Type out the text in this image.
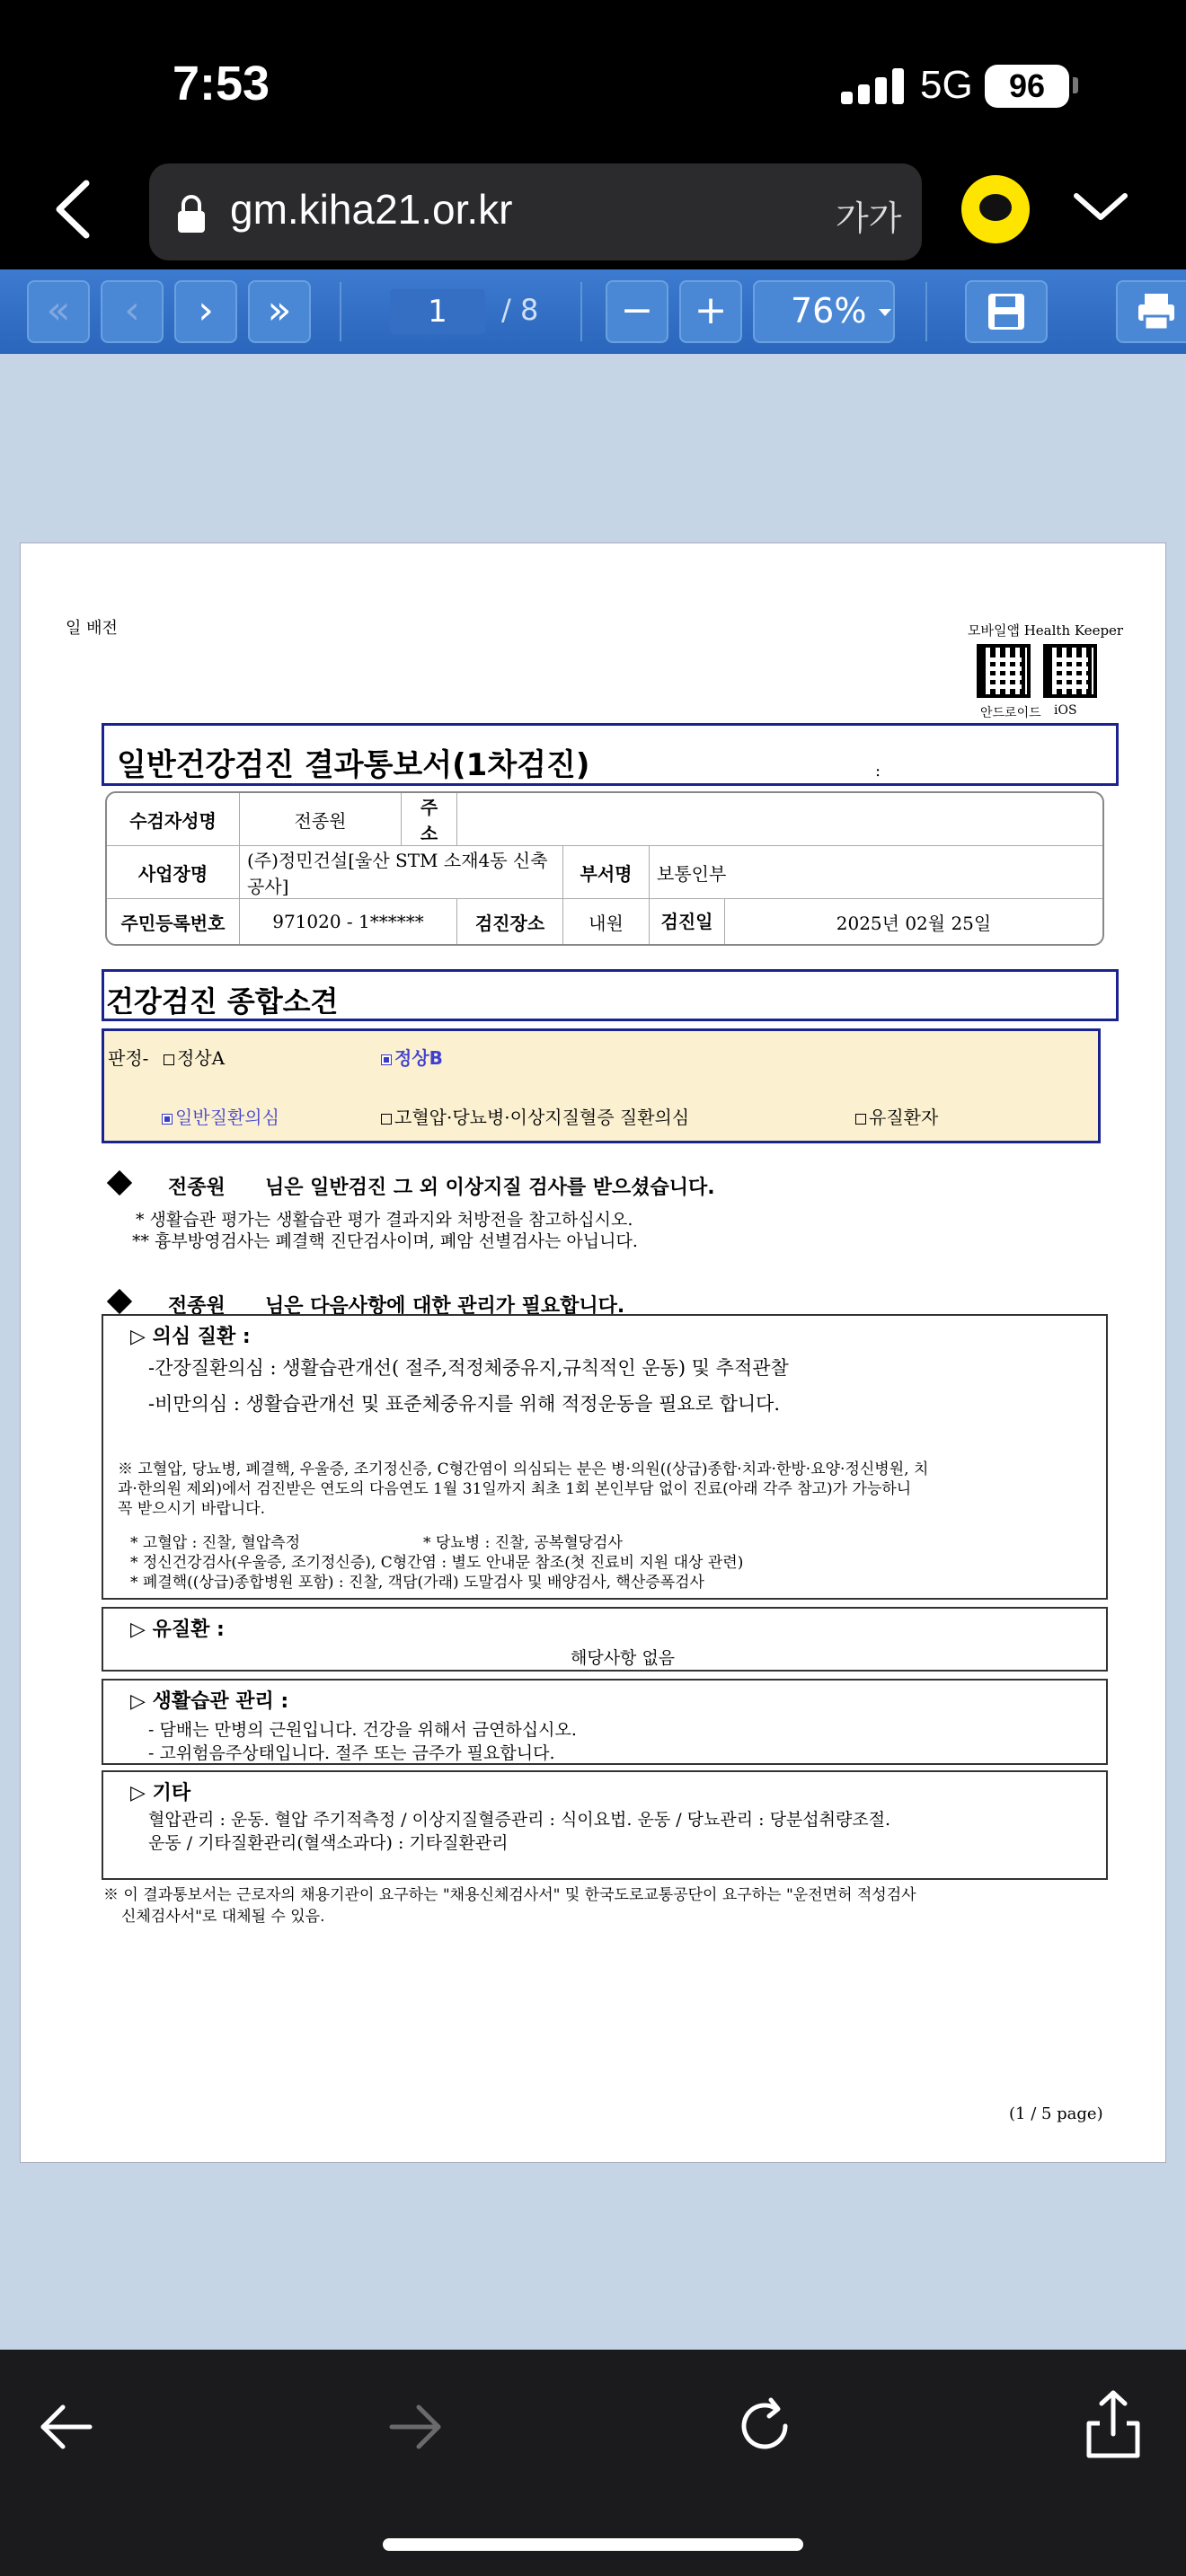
7:53	5G	96
gm.kiha21.or.kr	가가
«	‹	›	»	1	/ 8	−	+	76%
일 배전	모바일앱 Health Keeper
안드로이드 iOS
일반건강검진 결과통보서(1차검진)	:
수검자성명	전종원	주 소			
사업장명	(주)정민건설[울산 STM 소재4동 신축공사]			부서명	보통인부
주민등록번호	971020 - 1******		검진장소	내원	검진일 2025년 02월 25일
건강검진 종합소견
판정-	정상A	정상B
일반질환의심	고혈압·당뇨병·이상지질혈증 질환의심	유질환자
전종원 님은 일반검진 그 외 이상지질 검사를 받으셨습니다.
* 생활습관 평가는 생활습관 평가 결과지와 처방전을 참고하십시오.
** 흉부방영검사는 폐결핵 진단검사이며, 폐암 선별검사는 아닙니다.
전종원 님은 다음사항에 대한 관리가 필요합니다.
▷ 의심 질환 :
-간장질환의심 : 생활습관개선( 절주,적정체중유지,규칙적인 운동) 및 추적관찰
-비만의심 : 생활습관개선 및 표준체중유지를 위해 적정운동을 필요로 합니다.
※ 고혈압, 당뇨병, 폐결핵, 우울증, 조기정신증, C형간염이 의심되는 분은 병·의원((상급)종합·치과·한방·요양·정신병원, 치
과·한의원 제외)에서 검진받은 연도의 다음연도 1월 31일까지 최초 1회 본인부담 없이 진료(아래 각주 참고)가 가능하니
꼭 받으시기 바랍니다.
* 고혈압 : 진찰, 혈압측정	* 당뇨병 : 진찰, 공복혈당검사
* 정신건강검사(우울증, 조기정신증), C형간염 : 별도 안내문 참조(첫 진료비 지원 대상 관련)
* 폐결핵((상급)종합병원 포함) : 진찰, 객담(가래) 도말검사 및 배양검사, 핵산증폭검사
▷ 유질환 :
해당사항 없음
▷ 생활습관 관리 :
- 담배는 만병의 근원입니다. 건강을 위해서 금연하십시오.
- 고위험음주상태입니다. 절주 또는 금주가 필요합니다.
▷ 기타
혈압관리 : 운동. 혈압 주기적측정 / 이상지질혈증관리 : 식이요법. 운동 / 당뇨관리 : 당분섭취량조절.
운동 / 기타질환관리(혈색소과다) : 기타질환관리
※ 이 결과통보서는 근로자의 채용기관이 요구하는 "채용신체검사서" 및 한국도로교통공단이 요구하는 "운전면허 적성검사
신체검사서"로 대체될 수 있음.
(1 / 5 page)
